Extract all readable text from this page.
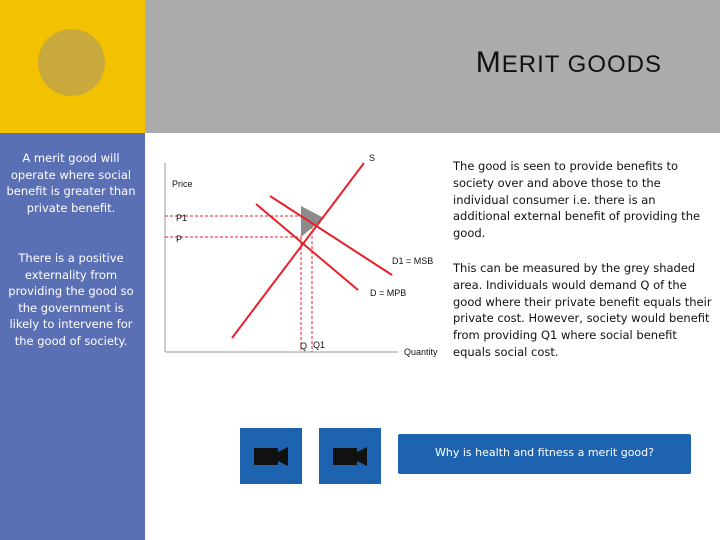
MERIT GOODS
A merit good will operate where social benefit is greater than private benefit.
There is a positive externality from providing the good so the government is likely to intervene for the good of society.
S
Price
P1
P
D1 = MSB
D = MPB
Q Q1
Quantity
The good is seen to provide benefits to society over and above those to the individual consumer i.e. there is an additional external benefit of providing the good.
This can be measured by the grey shaded area. Individuals would demand Q of the good where their private benefit equals their private cost. However, society would benefit from providing Q1 where social benefit equals social cost.
Why is health and fitness a merit good?
